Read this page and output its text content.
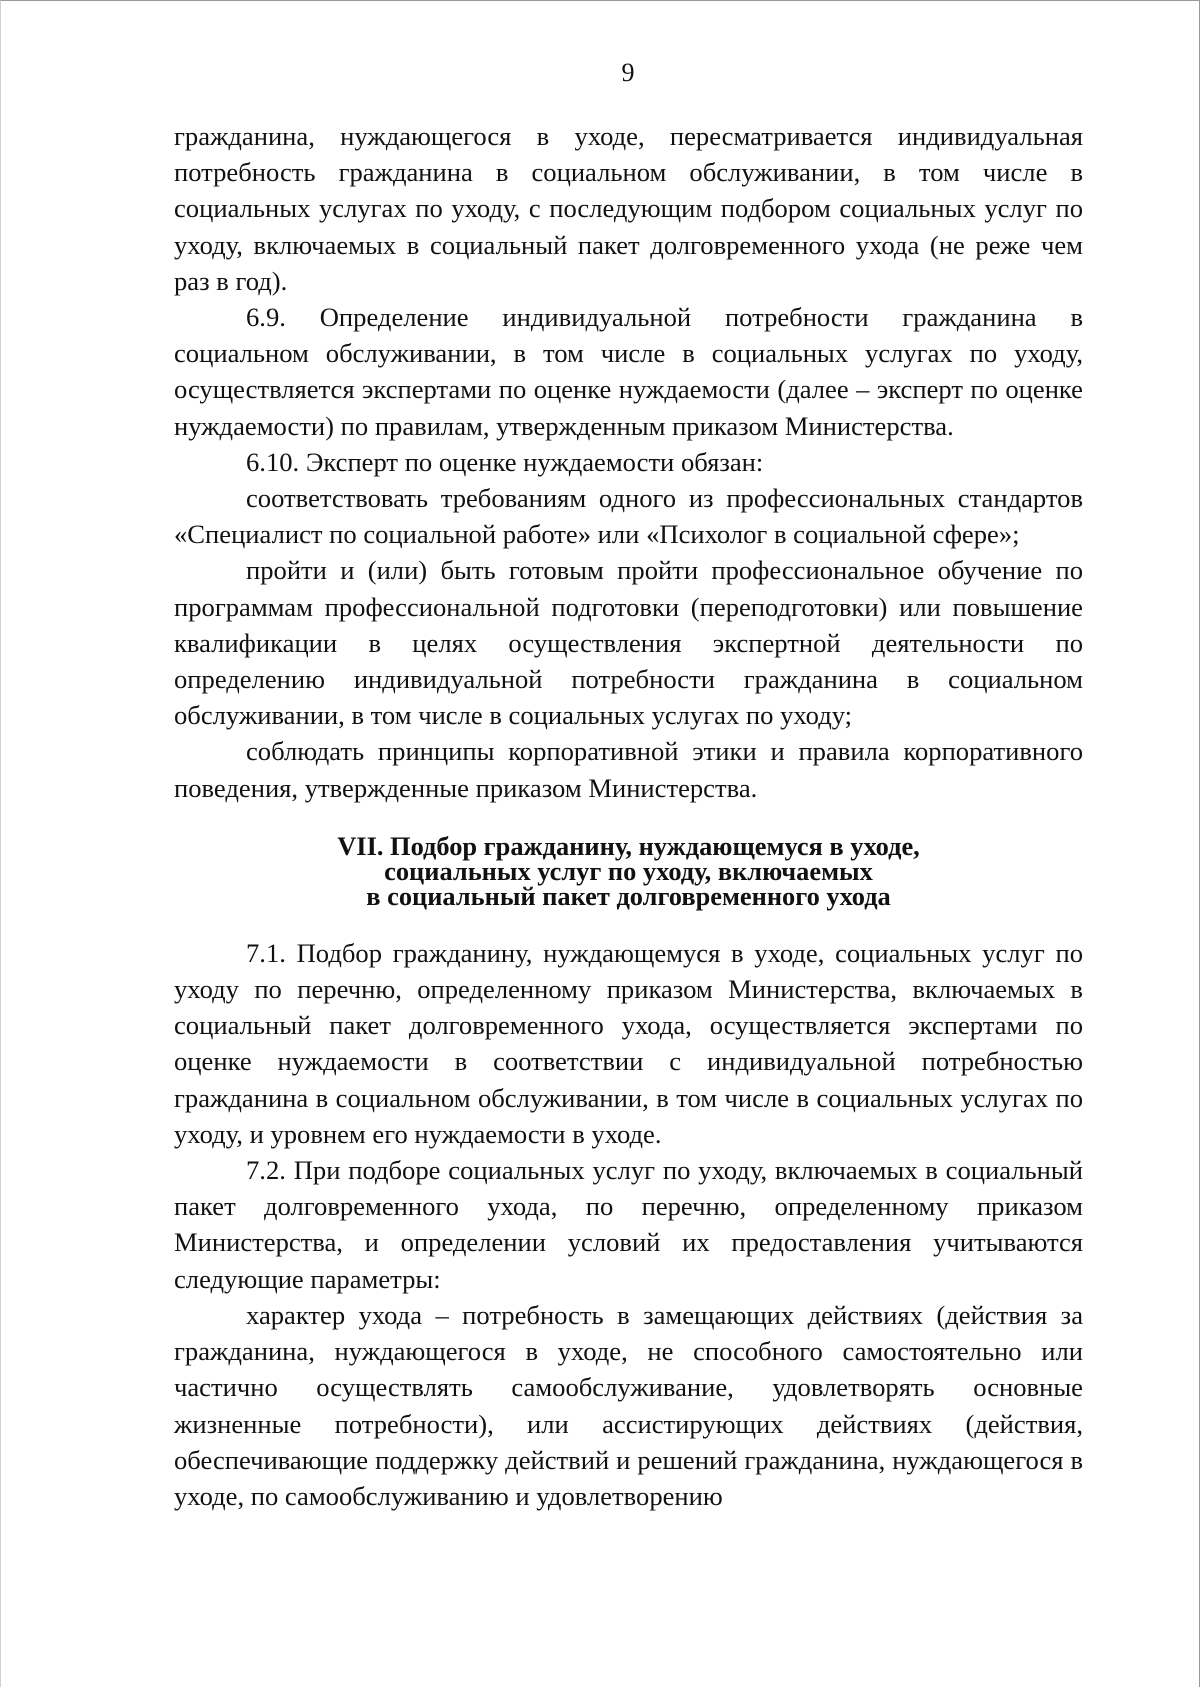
9

гражданина, нуждающегося в уходе, пересматривается индивидуальная потребность гражданина в социальном обслуживании, в том числе в социальных услугах по уходу, с последующим подбором социальных услуг по уходу, включаемых в социальный пакет долговременного ухода (не реже чем раз в год).

6.9. Определение индивидуальной потребности гражданина в социальном обслуживании, в том числе в социальных услугах по уходу, осуществляется экспертами по оценке нуждаемости (далее – эксперт по оценке нуждаемости) по правилам, утвержденным приказом Министерства.

6.10. Эксперт по оценке нуждаемости обязан:

соответствовать требованиям одного из профессиональных стандартов «Специалист по социальной работе» или «Психолог в социальной сфере»;

пройти и (или) быть готовым пройти профессиональное обучение по программам профессиональной подготовки (переподготовки) или повышение квалификации в целях осуществления экспертной деятельности по определению индивидуальной потребности гражданина в социальном обслуживании, в том числе в социальных услугах по уходу;

соблюдать принципы корпоративной этики и правила корпоративного поведения, утвержденные приказом Министерства.

VII. Подбор гражданину, нуждающемуся в уходе,
социальных услуг по уходу, включаемых
в социальный пакет долговременного ухода

7.1. Подбор гражданину, нуждающемуся в уходе, социальных услуг по уходу по перечню, определенному приказом Министерства, включаемых в социальный пакет долговременного ухода, осуществляется экспертами по оценке нуждаемости в соответствии с индивидуальной потребностью гражданина в социальном обслуживании, в том числе в социальных услугах по уходу, и уровнем его нуждаемости в уходе.

7.2. При подборе социальных услуг по уходу, включаемых в социальный пакет долговременного ухода, по перечню, определенному приказом Министерства, и определении условий их предоставления учитываются следующие параметры:

характер ухода – потребность в замещающих действиях (действия за гражданина, нуждающегося в уходе, не способного самостоятельно или частично осуществлять самообслуживание, удовлетворять основные жизненные потребности), или ассистирующих действиях (действия, обеспечивающие поддержку действий и решений гражданина, нуждающегося в уходе, по самообслуживанию и удовлетворению
